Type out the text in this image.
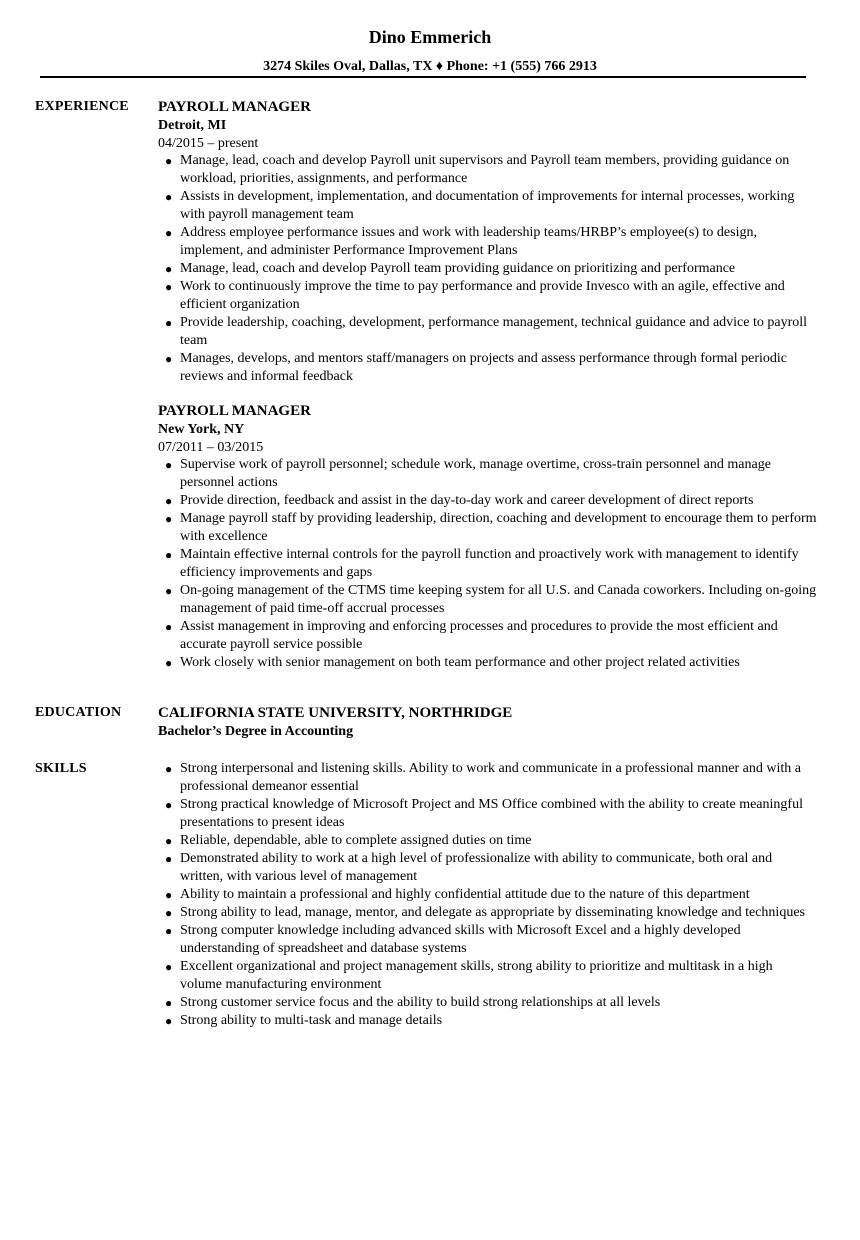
Dino Emmerich
3274 Skiles Oval, Dallas, TX ♦ Phone: +1 (555) 766 2913
EXPERIENCE PAYROLL MANAGER
Detroit, MI
04/2015 – present
● Manage, lead, coach and develop Payroll unit supervisors and Payroll team members, providing guidance on workload, priorities, assignments, and performance
● Assists in development, implementation, and documentation of improvements for internal processes, working with payroll management team
● Address employee performance issues and work with leadership teams/HRBP’s employee(s) to design, implement, and administer Performance Improvement Plans
● Manage, lead, coach and develop Payroll team providing guidance on prioritizing and performance
● Work to continuously improve the time to pay performance and provide Invesco with an agile, effective and efficient organization
● Provide leadership, coaching, development, performance management, technical guidance and advice to payroll team
● Manages, develops, and mentors staff/managers on projects and assess performance through formal periodic reviews and informal feedback
PAYROLL MANAGER
New York, NY
07/2011 – 03/2015
● Supervise work of payroll personnel; schedule work, manage overtime, cross-train personnel and manage personnel actions
● Provide direction, feedback and assist in the day-to-day work and career development of direct reports
● Manage payroll staff by providing leadership, direction, coaching and development to encourage them to perform with excellence
● Maintain effective internal controls for the payroll function and proactively work with management to identify efficiency improvements and gaps
● On-going management of the CTMS time keeping system for all U.S. and Canada coworkers. Including on-going management of paid time-off accrual processes
● Assist management in improving and enforcing processes and procedures to provide the most efficient and accurate payroll service possible
● Work closely with senior management on both team performance and other project related activities
EDUCATION CALIFORNIA STATE UNIVERSITY, NORTHRIDGE
Bachelor’s Degree in Accounting
SKILLS	● Strong interpersonal and listening skills. Ability to work and communicate in a professional manner and with a professional demeanor essential
● Strong practical knowledge of Microsoft Project and MS Office combined with the ability to create meaningful presentations to present ideas
● Reliable, dependable, able to complete assigned duties on time
● Demonstrated ability to work at a high level of professionalize with ability to communicate, both oral and written, with various level of management
● Ability to maintain a professional and highly confidential attitude due to the nature of this department
● Strong ability to lead, manage, mentor, and delegate as appropriate by disseminating knowledge and techniques
● Strong computer knowledge including advanced skills with Microsoft Excel and a highly developed understanding of spreadsheet and database systems
● Excellent organizational and project management skills, strong ability to prioritize and multitask in a high volume manufacturing environment
● Strong customer service focus and the ability to build strong relationships at all levels
● Strong ability to multi-task and manage details
